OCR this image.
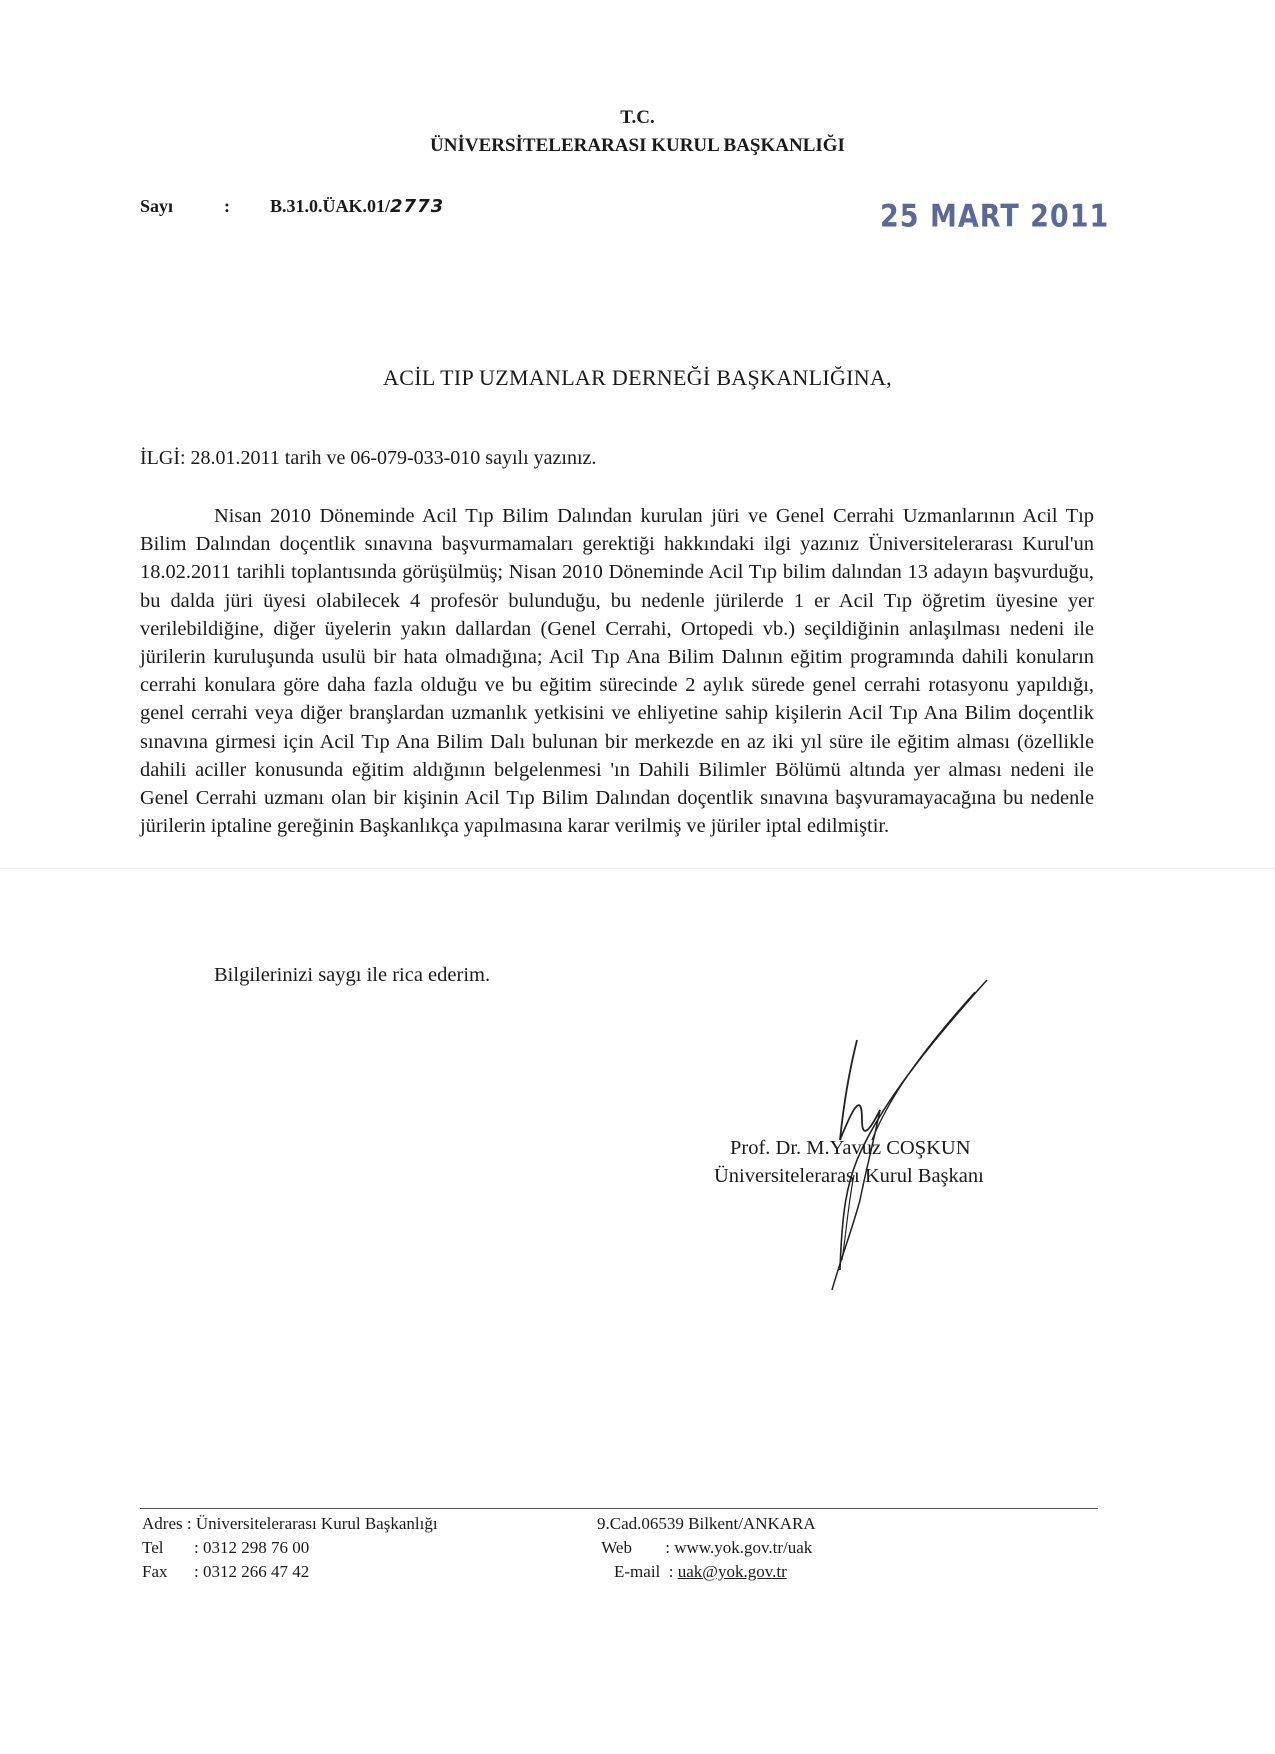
T.C.
ÜNİVERSİTELERARASI KURUL BAŞKANLIĞI
Sayı	: B.31.0.ÜAK.01/2773	25 MART 2011
ACİL TIP UZMANLAR DERNEĞİ BAŞKANLIĞINA,
İLGİ: 28.01.2011 tarih ve 06-079-033-010 sayılı yazınız.

Nisan 2010 Döneminde Acil Tıp Bilim Dalından kurulan jüri ve Genel Cerrahi Uzmanlarının Acil Tıp Bilim Dalından doçentlik sınavına başvurmamaları gerektiği hakkındaki ilgi yazınız Üniversitelerarası Kurul'un 18.02.2011 tarihli toplantısında görüşülmüş; Nisan 2010 Döneminde Acil Tıp bilim dalından 13 adayın başvurduğu, bu dalda jüri üyesi olabilecek 4 profesör bulunduğu, bu nedenle jürilerde 1 er Acil Tıp öğretim üyesine yer verilebildiğine, diğer üyelerin yakın dallardan (Genel Cerrahi, Ortopedi vb.) seçildiğinin anlaşılması nedeni ile jürilerin kuruluşunda usulü bir hata olmadığına; Acil Tıp Ana Bilim Dalının eğitim programında dahili konuların cerrahi konulara göre daha fazla olduğu ve bu eğitim sürecinde 2 aylık sürede genel cerrahi rotasyonu yapıldığı, genel cerrahi veya diğer branşlardan uzmanlık yetkisini ve ehliyetine sahip kişilerin Acil Tıp Ana Bilim doçentlik sınavına girmesi için Acil Tıp Ana Bilim Dalı bulunan bir merkezde en az iki yıl süre ile eğitim alması (özellikle dahili aciller konusunda eğitim aldığının belgelenmesi 'ın Dahili Bilimler Bölümü altında yer alması nedeni ile Genel Cerrahi uzmanı olan bir kişinin Acil Tıp Bilim Dalından doçentlik sınavına başvuramayacağına bu nedenle jürilerin iptaline gereğinin Başkanlıkça yapılmasına karar verilmiş ve jüriler iptal edilmiştir.

Bilgilerinizi saygı ile rica ederim.
Prof. Dr. M.Yavuz COŞKUN
Üniversitelerarası Kurul Başkanı
Adres : Üniversitelerarası Kurul Başkanlığı
Tel : 0312 298 76 00
Fax : 0312 266 47 42
9.Cad.06539 Bilkent/ANKARA
Web : www.yok.gov.tr/uak
E-mail  : uak@yok.gov.tr
